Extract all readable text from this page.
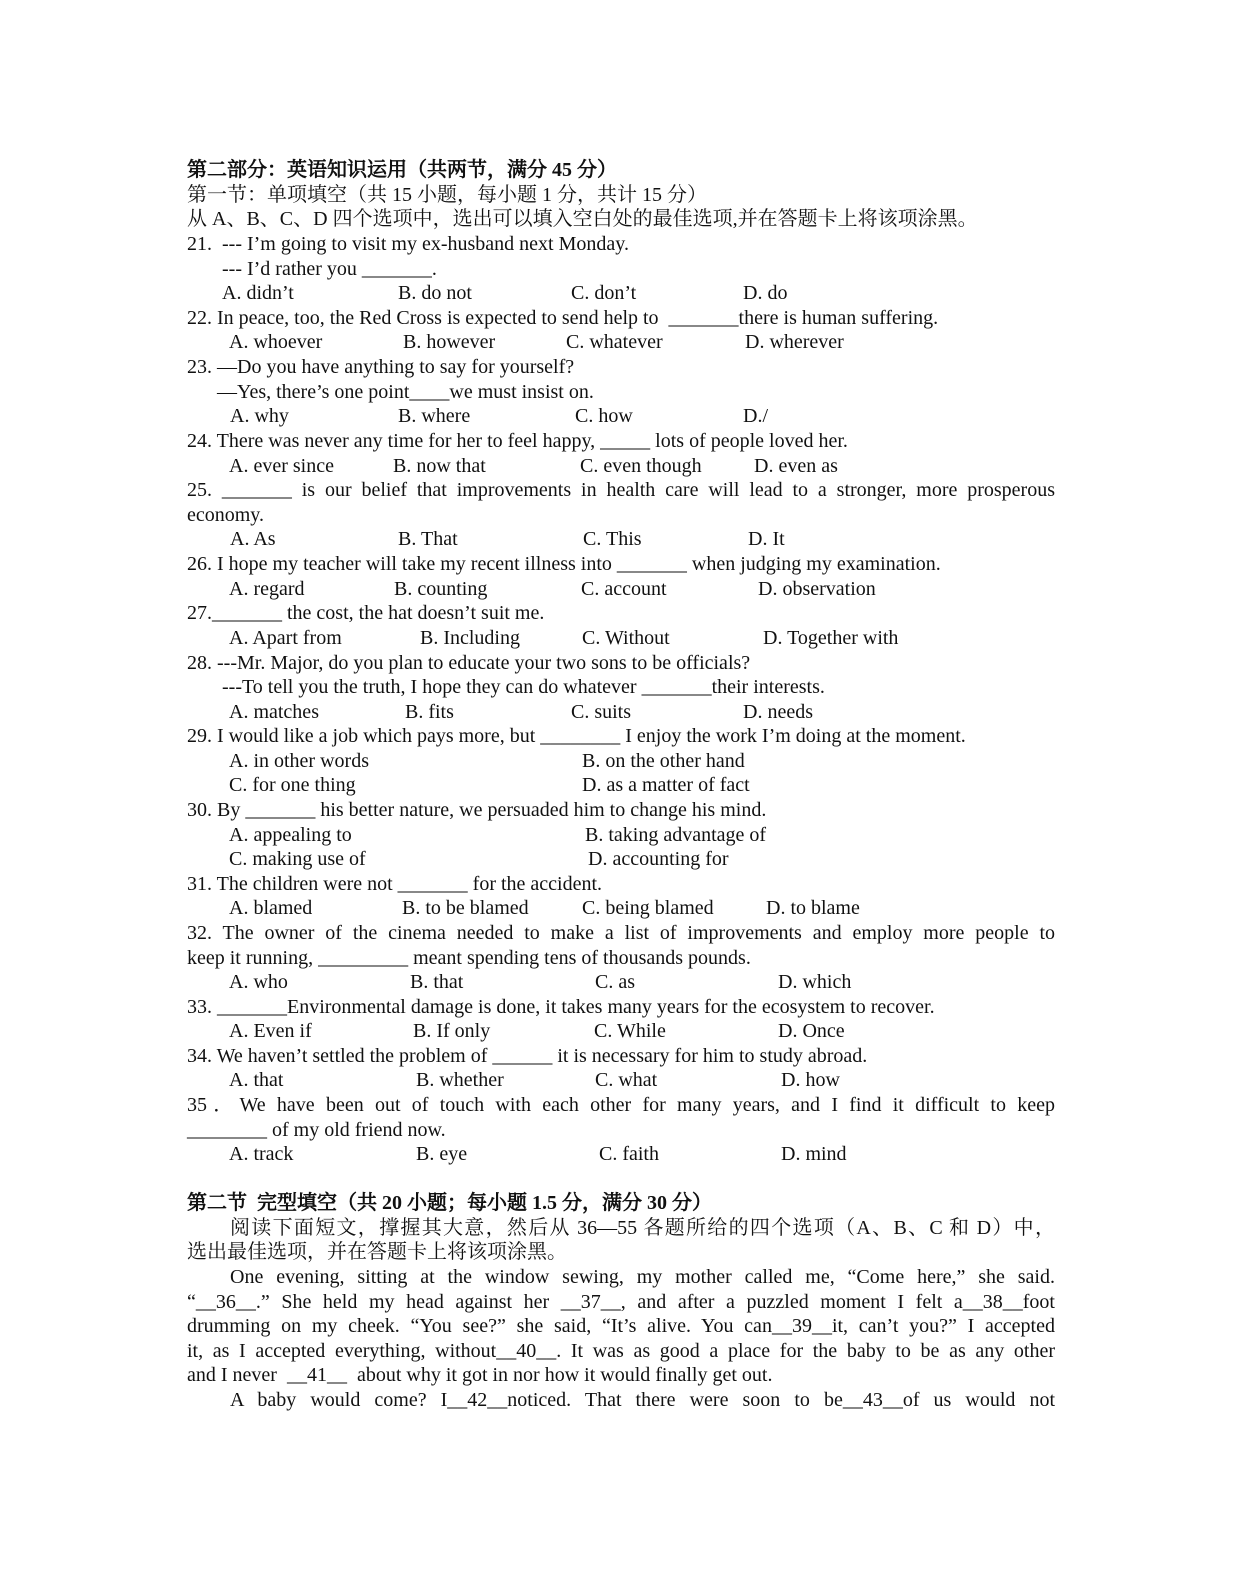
第二部分：英语知识运用（共两节，满分 45 分）
第一节：单项填空（共 15 小题，每小题 1 分，共计 15 分）
从 A、B、C、D 四个选项中，选出可以填入空白处的最佳选项,并在答题卡上将该项涂黑。
21.  --- I’m going to visit my ex-husband next Monday.
--- I’d rather you _______.
A. didn’t	B. do not	C. don’t	D. do
22. In peace, too, the Red Cross is expected to send help to  _______there is human suffering.
A. whoever	B. however	C. whatever	D. wherever
23. —Do you have anything to say for yourself?
—Yes, there’s one point____we must insist on.
A. why	B. where	C. how	D./
24. There was never any time for her to feel happy, _____ lots of people loved her.
A. ever since	B. now that	C. even though	D. even as
25. _______ is our belief that improvements in health care will lead to a stronger, more prosperous
economy.
A. As	B. That	C. This	D. It
26. I hope my teacher will take my recent illness into _______ when judging my examination.
A. regard	B. counting	C. account	D. observation
27._______ the cost, the hat doesn’t suit me.
A. Apart from	B. Including	C. Without	D. Together with
28. ---Mr. Major, do you plan to educate your two sons to be officials?
---To tell you the truth, I hope they can do whatever _______their interests.
A. matches	B. fits	C. suits	D. needs
29. I would like a job which pays more, but ________ I enjoy the work I’m doing at the moment.
A. in other words	B. on the other hand
C. for one thing	D. as a matter of fact
30. By _______ his better nature, we persuaded him to change his mind.
A. appealing to	B. taking advantage of
C. making use of	D. accounting for
31. The children were not _______ for the accident.
A. blamed	B. to be blamed	C. being blamed	D. to blame
32. The owner of the cinema needed to make a list of improvements and employ more people to
keep it running, _________ meant spending tens of thousands pounds.
A. who	B. that	C. as	D. which
33. _______Environmental damage is done, it takes many years for the ecosystem to recover.
A. Even if	B. If only	C. While	D. Once
34. We haven’t settled the problem of ______ it is necessary for him to study abroad.
A. that	B. whether	C. what	D. how
35．We have been out of touch with each other for many years, and I find it difficult to keep
________ of my old friend now.
A. track	B. eye	C. faith	D. mind
第二节  完型填空（共 20 小题；每小题 1.5 分，满分 30 分）
阅读下面短文，撑握其大意，然后从 36—55 各题所给的四个选项（A、B、C 和 D）中，
选出最佳选项，并在答题卡上将该项涂黑。
One evening, sitting at the window sewing, my mother called me, “Come here,” she said.
“__36__.” She held my head against her __37__, and after a puzzled moment I felt a__38__foot
drumming on my cheek. “You see?” she said, “It’s alive. You can__39__it, can’t you?” I accepted
it, as I accepted everything, without__40__. It was as good a place for the baby to be as any other
and I never  __41__  about why it got in nor how it would finally get out.
A baby would come? I__42__noticed. That there were soon to be__43__of us would not
